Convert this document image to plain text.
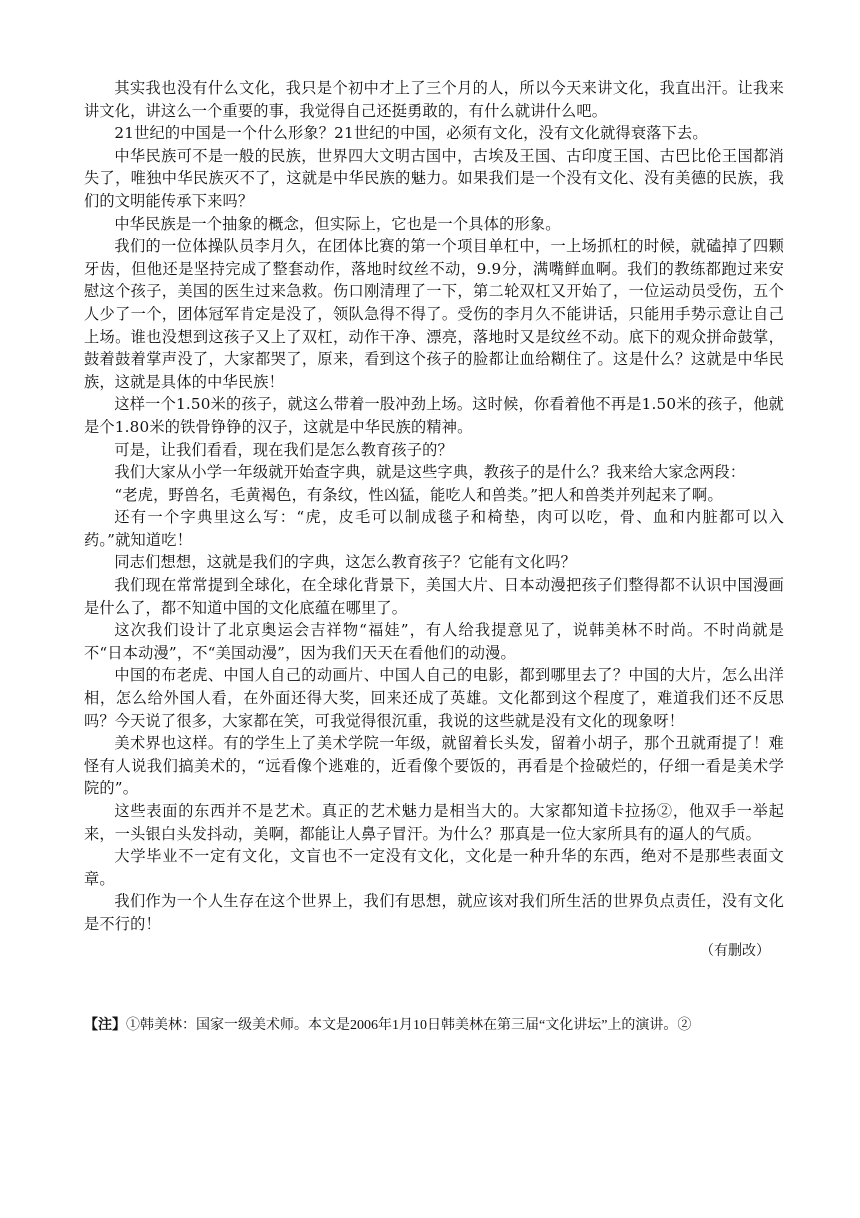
其实我也没有什么文化，我只是个初中才上了三个月的人，所以今天来讲文化，我直出汗。让我来讲文化，讲这么一个重要的事，我觉得自己还挺勇敢的，有什么就讲什么吧。

21世纪的中国是一个什么形象？21世纪的中国，必须有文化，没有文化就得衰落下去。

中华民族可不是一般的民族，世界四大文明古国中，古埃及王国、古印度王国、古巴比伦王国都消失了，唯独中华民族灭不了，这就是中华民族的魅力。如果我们是一个没有文化、没有美德的民族，我们的文明能传承下来吗？

中华民族是一个抽象的概念，但实际上，它也是一个具体的形象。

我们的一位体操队员李月久，在团体比赛的第一个项目单杠中，一上场抓杠的时候，就磕掉了四颗牙齿，但他还是坚持完成了整套动作，落地时纹丝不动，9.9分，满嘴鲜血啊。我们的教练都跑过来安慰这个孩子，美国的医生过来急救。伤口刚清理了一下，第二轮双杠又开始了，一位运动员受伤，五个人少了一个，团体冠军肯定是没了，领队急得不得了。受伤的李月久不能讲话，只能用手势示意让自己上场。谁也没想到这孩子又上了双杠，动作干净、漂亮，落地时又是纹丝不动。底下的观众拼命鼓掌，鼓着鼓着掌声没了，大家都哭了，原来，看到这个孩子的脸都让血给糊住了。这是什么？这就是中华民族，这就是具体的中华民族！

这样一个1.50米的孩子，就这么带着一股冲劲上场。这时候，你看着他不再是1.50米的孩子，他就是个1.80米的铁骨铮铮的汉子，这就是中华民族的精神。

可是，让我们看看，现在我们是怎么教育孩子的？

我们大家从小学一年级就开始查字典，就是这些字典，教孩子的是什么？我来给大家念两段：

“老虎，野兽名，毛黄褐色，有条纹，性凶猛，能吃人和兽类。”把人和兽类并列起来了啊。

还有一个字典里这么写：“虎，皮毛可以制成毯子和椅垫，肉可以吃，骨、血和内脏都可以入药。”就知道吃！

同志们想想，这就是我们的字典，这怎么教育孩子？它能有文化吗？

我们现在常常提到全球化，在全球化背景下，美国大片、日本动漫把孩子们整得都不认识中国漫画是什么了，都不知道中国的文化底蕴在哪里了。

这次我们设计了北京奥运会吉祥物“福娃”，有人给我提意见了，说韩美林不时尚。不时尚就是不“日本动漫”，不“美国动漫”，因为我们天天在看他们的动漫。

中国的布老虎、中国人自己的动画片、中国人自己的电影，都到哪里去了？中国的大片，怎么出洋相，怎么给外国人看，在外面还得大奖，回来还成了英雄。文化都到这个程度了，难道我们还不反思吗？今天说了很多，大家都在笑，可我觉得很沉重，我说的这些就是没有文化的现象呀！

美术界也这样。有的学生上了美术学院一年级，就留着长头发，留着小胡子，那个丑就甭提了！难怪有人说我们搞美术的，“远看像个逃难的，近看像个要饭的，再看是个捡破烂的，仔细一看是美术学院的”。

这些表面的东西并不是艺术。真正的艺术魅力是相当大的。大家都知道卡拉扬②，他双手一举起来，一头银白头发抖动，美啊，都能让人鼻子冒汗。为什么？那真是一位大家所具有的逼人的气质。

大学毕业不一定有文化，文盲也不一定没有文化，文化是一种升华的东西，绝对不是那些表面文章。

我们作为一个人生存在这个世界上，我们有思想，就应该对我们所生活的世界负点责任，没有文化是不行的！

（有删改）

【注】①韩美林：国家一级美术师。本文是2006年1月10日韩美林在第三届“文化讲坛”上的演讲。②
